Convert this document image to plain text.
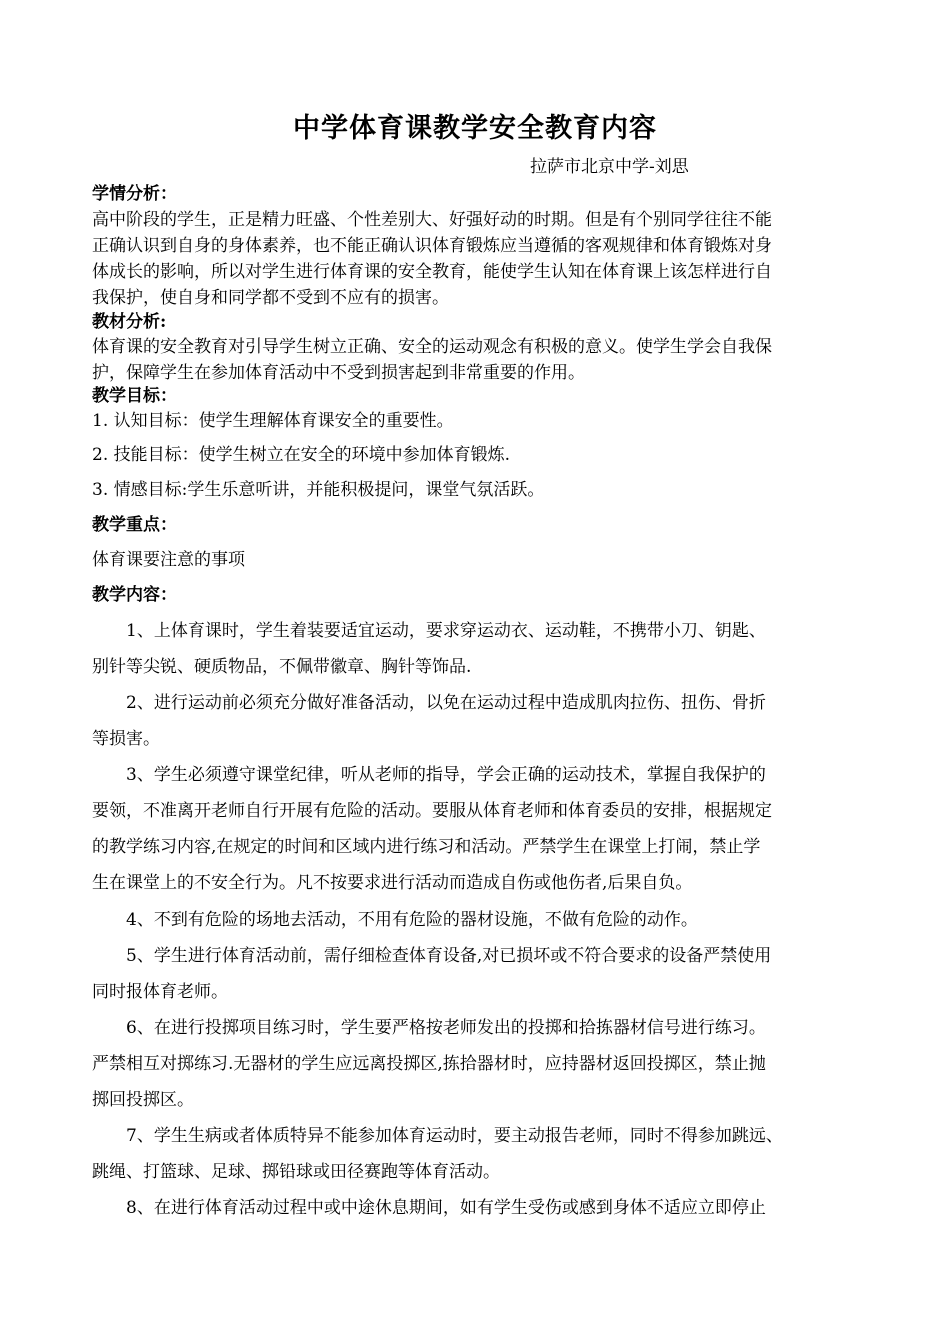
中学体育课教学安全教育内容
拉萨市北京中学-刘思
学情分析：
高中阶段的学生，正是精力旺盛、个性差别大、好强好动的时期。但是有个别同学往往不能
正确认识到自身的身体素养，也不能正确认识体育锻炼应当遵循的客观规律和体育锻炼对身
体成长的影响，所以对学生进行体育课的安全教育，能使学生认知在体育课上该怎样进行自
我保护，使自身和同学都不受到不应有的损害。
教材分析:
体育课的安全教育对引导学生树立正确、安全的运动观念有积极的意义。使学生学会自我保
护，保障学生在参加体育活动中不受到损害起到非常重要的作用。
教学目标：
1. 认知目标：使学生理解体育课安全的重要性。
2. 技能目标：使学生树立在安全的环境中参加体育锻炼.
3. 情感目标:学生乐意听讲，并能积极提问，课堂气氛活跃。
教学重点：
体育课要注意的事项
教学内容：
　　1、上体育课时，学生着装要适宜运动，要求穿运动衣、运动鞋，不携带小刀、钥匙、
别针等尖锐、硬质物品，不佩带徽章、胸针等饰品.
　　2、进行运动前必须充分做好准备活动，以免在运动过程中造成肌肉拉伤、扭伤、骨折
等损害。
　　3、学生必须遵守课堂纪律，听从老师的指导，学会正确的运动技术，掌握自我保护的
要领，不准离开老师自行开展有危险的活动。要服从体育老师和体育委员的安排，根据规定
的教学练习内容,在规定的时间和区域内进行练习和活动。严禁学生在课堂上打闹，禁止学
生在课堂上的不安全行为。凡不按要求进行活动而造成自伤或他伤者,后果自负。
　　4、不到有危险的场地去活动，不用有危险的器材设施，不做有危险的动作。
　　5、学生进行体育活动前，需仔细检查体育设备,对已损坏或不符合要求的设备严禁使用
同时报体育老师。
　　6、在进行投掷项目练习时，学生要严格按老师发出的投掷和拾拣器材信号进行练习。
严禁相互对掷练习.无器材的学生应远离投掷区,拣拾器材时，应持器材返回投掷区，禁止抛
掷回投掷区。
　　7、学生生病或者体质特异不能参加体育运动时，要主动报告老师，同时不得参加跳远、
跳绳、打篮球、足球、掷铅球或田径赛跑等体育活动。
　　8、在进行体育活动过程中或中途休息期间，如有学生受伤或感到身体不适应立即停止
